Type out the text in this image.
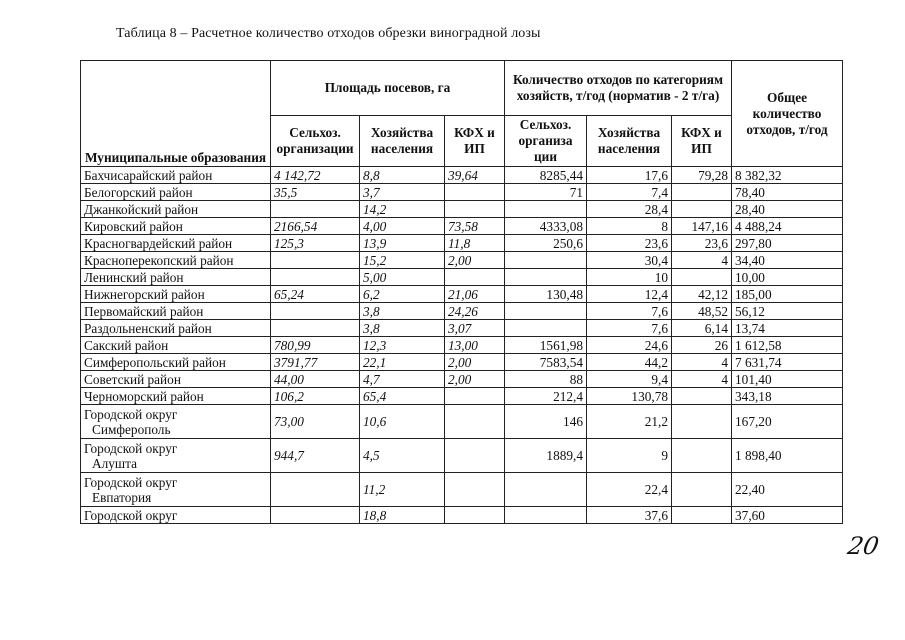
Таблица 8 – Расчетное количество отходов обрезки виноградной лозы
Муниципальные образования	Площадь посевов, га			Количество отходов по категориям хозяйств, т/год (норматив - 2 т/га)			Общее количество отходов, т/год
	Сельхоз. организации	Хозяйства населения	КФХ и ИП	Сельхоз. организа ции	Хозяйства населения	КФХ и ИП	
Бахчисарайский район	4 142,72	8,8	39,64	8285,44	17,6	79,28	8 382,32
Белогорский район	35,5	3,7		71	7,4		78,40
Джанкойский район		14,2			28,4		28,40
Кировский район	2166,54	4,00	73,58	4333,08	8	147,16	4 488,24
Красногвардейский район	125,3	13,9	11,8	250,6	23,6	23,6	297,80
Красноперекопский район		15,2	2,00		30,4	4	34,40
Ленинский район		5,00			10		10,00
Нижнегорский район	65,24	6,2	21,06	130,48	12,4	42,12	185,00
Первомайский район		3,8	24,26		7,6	48,52	56,12
Раздольненский район		3,8	3,07		7,6	6,14	13,74
Сакский район	780,99	12,3	13,00	1561,98	24,6	26	1 612,58
Симферопольский район	3791,77	22,1	2,00	7583,54	44,2	4	7 631,74
Советский район	44,00	4,7	2,00	88	9,4	4	101,40
Черноморский район	106,2	65,4		212,4	130,78		343,18

Городской округ
Симферополь	73,00	10,6		146	21,2		167,20

Городской округ
Алушта	944,7	4,5		1889,4	9		1 898,40

Городской округ
Евпатория		11,2			22,4		22,40
Городской округ		18,8			37,6		37,60
20
